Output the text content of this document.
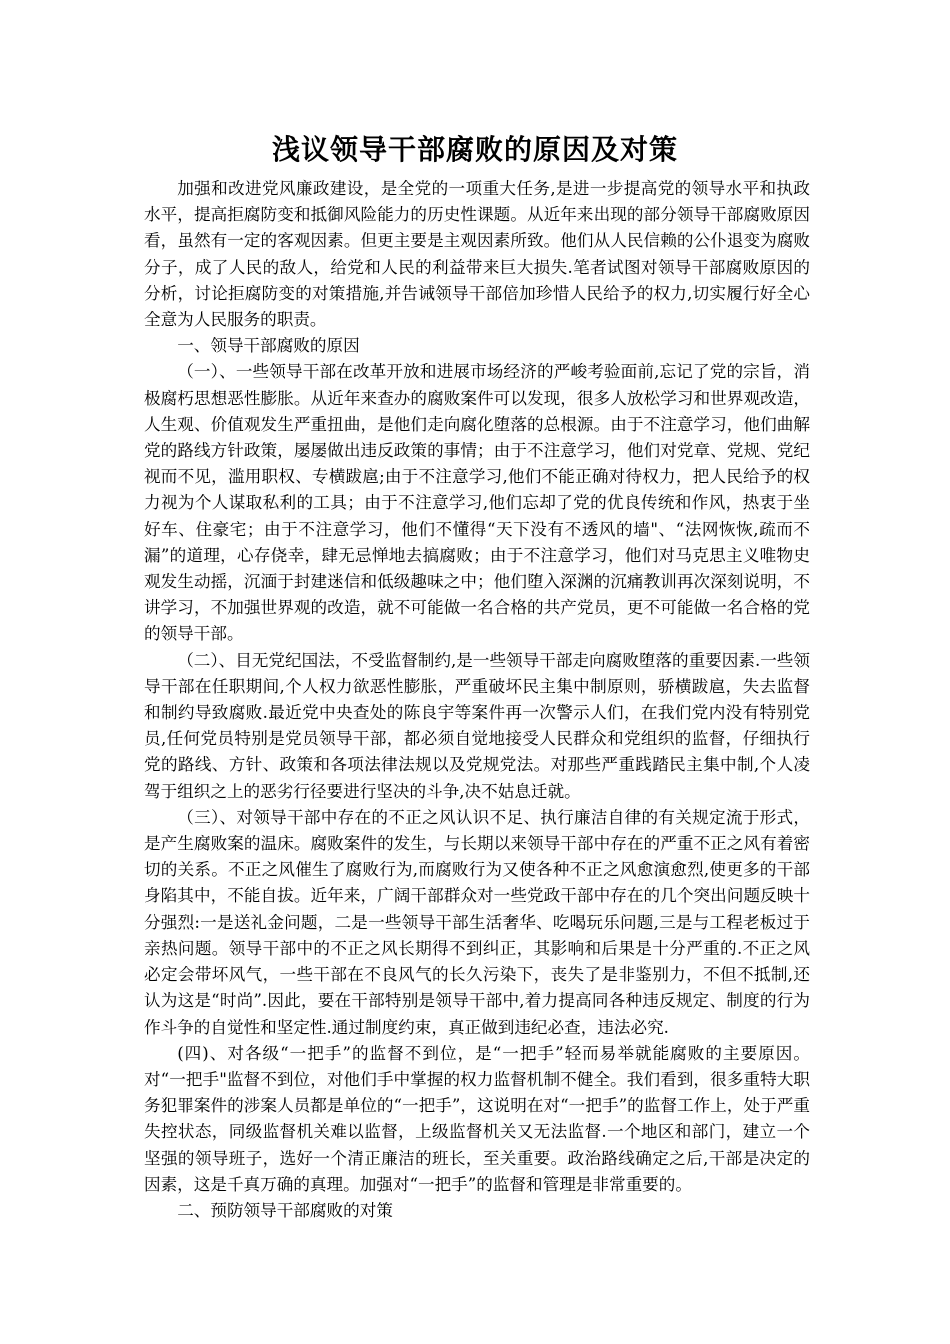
浅议领导干部腐败的原因及对策

加强和改进党风廉政建设，是全党的一项重大任务,是进一步提高党的领导水平和执政水平，提高拒腐防变和抵御风险能力的历史性课题。从近年来出现的部分领导干部腐败原因看，虽然有一定的客观因素。但更主要是主观因素所致。他们从人民信赖的公仆退变为腐败分子，成了人民的敌人，给党和人民的利益带来巨大损失.笔者试图对领导干部腐败原因的分析，讨论拒腐防变的对策措施,并告诫领导干部倍加珍惜人民给予的权力,切实履行好全心全意为人民服务的职责。

一、领导干部腐败的原因

（一）、一些领导干部在改革开放和进展市场经济的严峻考验面前,忘记了党的宗旨，消极腐朽思想恶性膨胀。从近年来查办的腐败案件可以发现，很多人放松学习和世界观改造，人生观、价值观发生严重扭曲，是他们走向腐化堕落的总根源。由于不注意学习，他们曲解党的路线方针政策，屡屡做出违反政策的事情；由于不注意学习，他们对党章、党规、党纪视而不见，滥用职权、专横跋扈;由于不注意学习,他们不能正确对待权力，把人民给予的权力视为个人谋取私利的工具；由于不注意学习,他们忘却了党的优良传统和作风，热衷于坐好车、住豪宅；由于不注意学习，他们不懂得“天下没有不透风的墙"、“法网恢恢,疏而不漏”的道理，心存侥幸，肆无忌惮地去搞腐败；由于不注意学习，他们对马克思主义唯物史观发生动摇，沉湎于封建迷信和低级趣味之中；他们堕入深渊的沉痛教训再次深刻说明，不讲学习，不加强世界观的改造，就不可能做一名合格的共产党员，更不可能做一名合格的党的领导干部。

（二）、目无党纪国法，不受监督制约,是一些领导干部走向腐败堕落的重要因素.一些领导干部在任职期间,个人权力欲恶性膨胀，严重破坏民主集中制原则，骄横跋扈，失去监督和制约导致腐败.最近党中央查处的陈良宇等案件再一次警示人们，在我们党内没有特别党员,任何党员特别是党员领导干部，都必须自觉地接受人民群众和党组织的监督，仔细执行党的路线、方针、政策和各项法律法规以及党规党法。对那些严重践踏民主集中制,个人凌驾于组织之上的恶劣行径要进行坚决的斗争,决不姑息迁就。

（三）、对领导干部中存在的不正之风认识不足、执行廉洁自律的有关规定流于形式，是产生腐败案的温床。腐败案件的发生，与长期以来领导干部中存在的严重不正之风有着密切的关系。不正之风催生了腐败行为,而腐败行为又使各种不正之风愈演愈烈,使更多的干部身陷其中，不能自拔。近年来，广阔干部群众对一些党政干部中存在的几个突出问题反映十分强烈:一是送礼金问题，二是一些领导干部生活奢华、吃喝玩乐问题,三是与工程老板过于亲热问题。领导干部中的不正之风长期得不到纠正，其影响和后果是十分严重的.不正之风必定会带坏风气，一些干部在不良风气的长久污染下，丧失了是非鉴别力，不但不抵制,还认为这是“时尚”.因此，要在干部特别是领导干部中,着力提高同各种违反规定、制度的行为作斗争的自觉性和坚定性.通过制度约束，真正做到违纪必查，违法必究.

(四)、对各级“一把手”的监督不到位，是“一把手”轻而易举就能腐败的主要原因。 对“一把手"监督不到位，对他们手中掌握的权力监督机制不健全。我们看到，很多重特大职务犯罪案件的涉案人员都是单位的“一把手”，这说明在对“一把手”的监督工作上，处于严重失控状态，同级监督机关难以监督，上级监督机关又无法监督.一个地区和部门，建立一个坚强的领导班子，选好一个清正廉洁的班长，至关重要。政治路线确定之后,干部是决定的因素，这是千真万确的真理。加强对“一把手”的监督和管理是非常重要的。

二、预防领导干部腐败的对策
